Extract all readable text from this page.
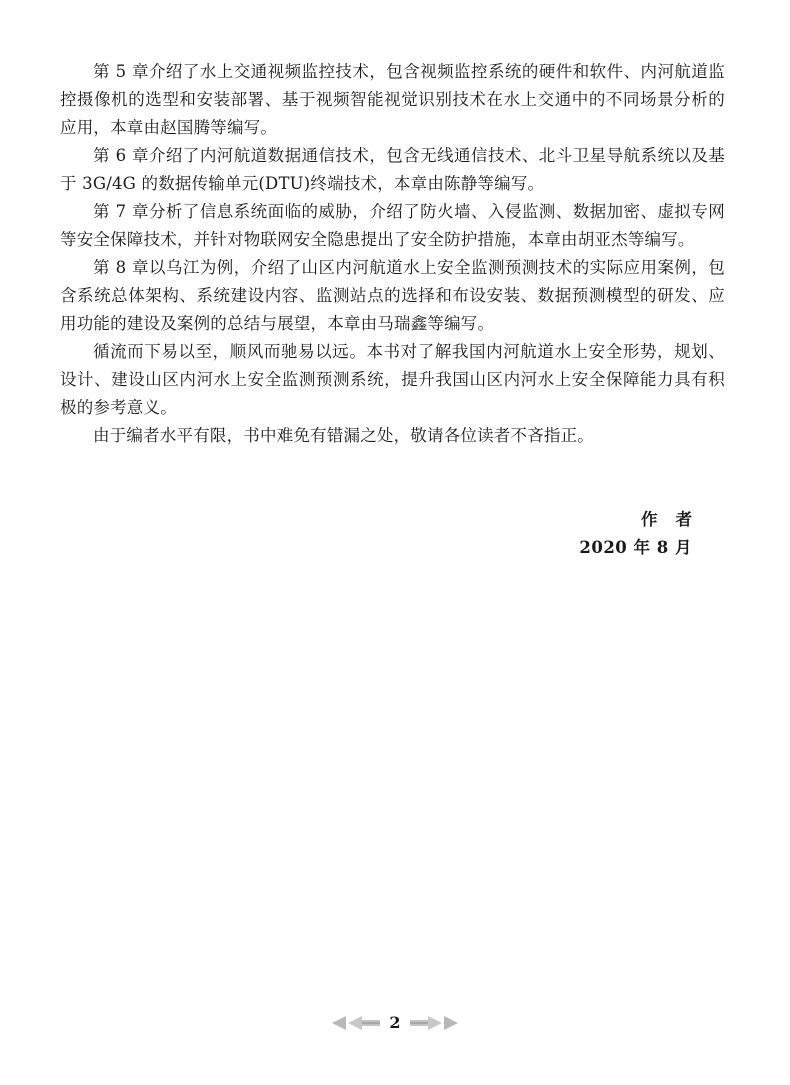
第 5 章介绍了水上交通视频监控技术，包含视频监控系统的硬件和软件、内河航道监控摄像机的选型和安装部署、基于视频智能视觉识别技术在水上交通中的不同场景分析的应用，本章由赵国腾等编写。

第 6 章介绍了内河航道数据通信技术，包含无线通信技术、北斗卫星导航系统以及基于 3G/4G 的数据传输单元(DTU)终端技术，本章由陈静等编写。

第 7 章分析了信息系统面临的威胁，介绍了防火墙、入侵监测、数据加密、虚拟专网等安全保障技术，并针对物联网安全隐患提出了安全防护措施，本章由胡亚杰等编写。

第 8 章以乌江为例，介绍了山区内河航道水上安全监测预测技术的实际应用案例，包含系统总体架构、系统建设内容、监测站点的选择和布设安装、数据预测模型的研发、应用功能的建设及案例的总结与展望，本章由马瑞鑫等编写。

循流而下易以至，顺风而驰易以远。本书对了解我国内河航道水上安全形势，规划、设计、建设山区内河水上安全监测预测系统，提升我国山区内河水上安全保障能力具有积极的参考意义。

由于编者水平有限，书中难免有错漏之处，敬请各位读者不吝指正。

作者
2020 年 8 月
2
